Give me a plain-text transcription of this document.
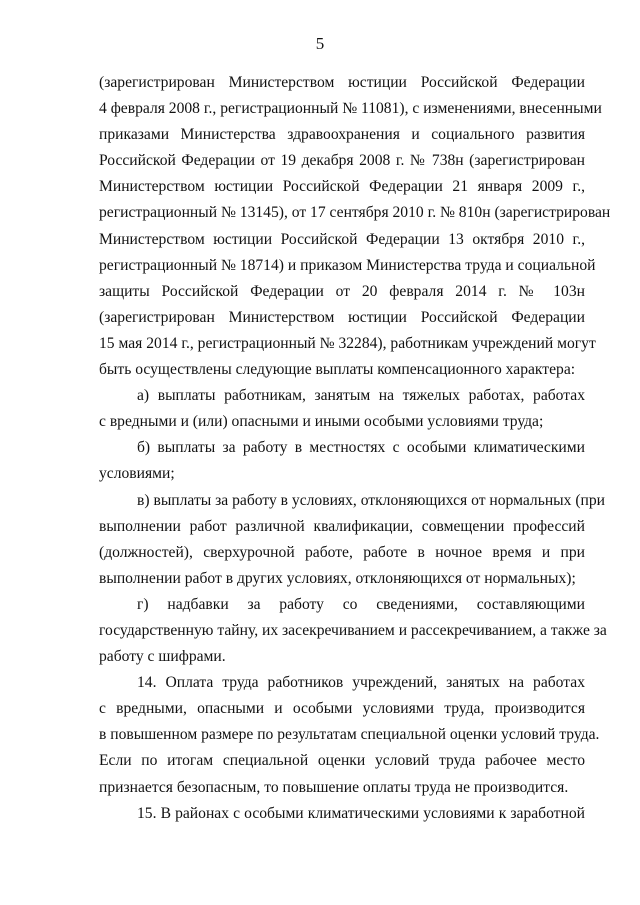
5
(зарегистрирован Министерством юстиции Российской Федерации
4 февраля 2008 г., регистрационный № 11081), с изменениями, внесенными
приказами Министерства здравоохранения и социального развития
Российской Федерации от 19 декабря 2008 г. № 738н (зарегистрирован
Министерством юстиции Российской Федерации 21 января 2009 г.,
регистрационный № 13145), от 17 сентября 2010 г. № 810н (зарегистрирован
Министерством юстиции Российской Федерации 13 октября 2010 г.,
регистрационный № 18714) и приказом Министерства труда и социальной
защиты Российской Федерации от 20 февраля 2014 г. № 103н
(зарегистрирован Министерством юстиции Российской Федерации
15 мая 2014 г., регистрационный № 32284), работникам учреждений могут
быть осуществлены следующие выплаты компенсационного характера:
а) выплаты работникам, занятым на тяжелых работах, работах
с вредными и (или) опасными и иными особыми условиями труда;
б) выплаты за работу в местностях с особыми климатическими
условиями;
в) выплаты за работу в условиях, отклоняющихся от нормальных (при
выполнении работ различной квалификации, совмещении профессий
(должностей), сверхурочной работе, работе в ночное время и при
выполнении работ в других условиях, отклоняющихся от нормальных);
г) надбавки за работу со сведениями, составляющими
государственную тайну, их засекречиванием и рассекречиванием, а также за
работу с шифрами.
14. Оплата труда работников учреждений, занятых на работах
с вредными, опасными и особыми условиями труда, производится
в повышенном размере по результатам специальной оценки условий труда.
Если по итогам специальной оценки условий труда рабочее место
признается безопасным, то повышение оплаты труда не производится.
15. В районах с особыми климатическими условиями к заработной
